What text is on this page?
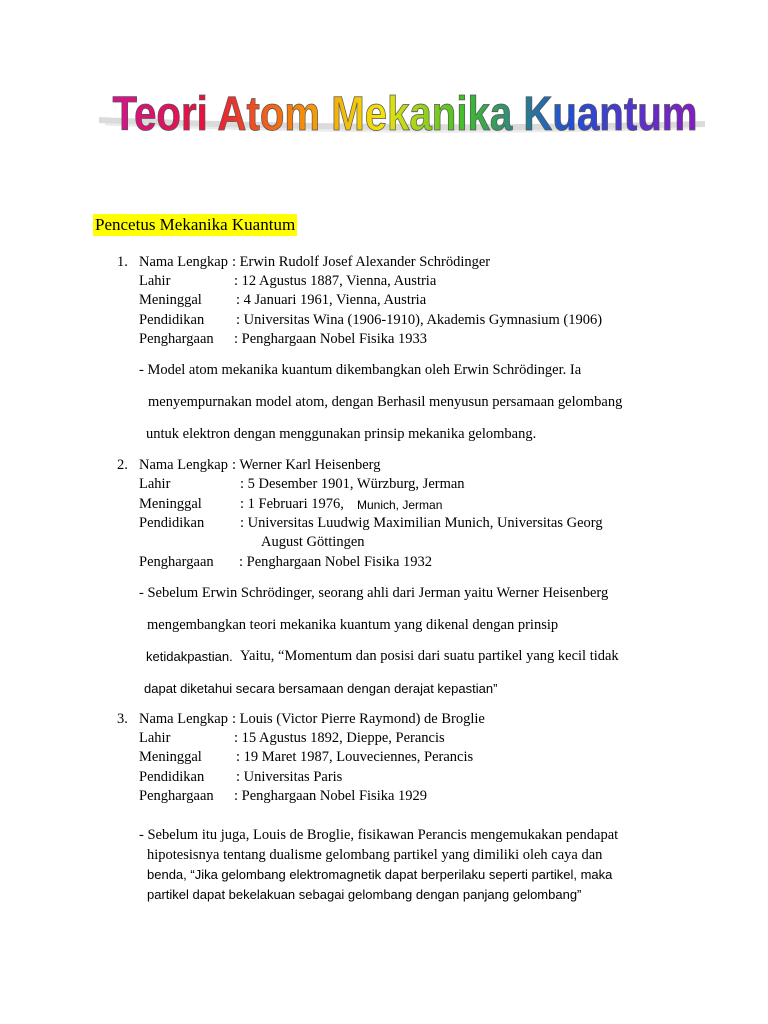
Teori Atom Mekanika Kuantum
Pencetus Mekanika Kuantum
1. Nama Lengkap : Erwin Rudolf Josef Alexander Schrödinger
Lahir	: 12 Agustus 1887, Vienna, Austria
Meninggal : 4 Januari 1961, Vienna, Austria
Pendidikan : Universitas Wina (1906-1910), Akademis Gymnasium (1906)
Penghargaan : Penghargaan Nobel Fisika 1933
- Model atom mekanika kuantum dikembangkan oleh Erwin Schrödinger. Ia
menyempurnakan model atom, dengan Berhasil menyusun persamaan gelombang
untuk elektron dengan menggunakan prinsip mekanika gelombang.
2. Nama Lengkap : Werner Karl Heisenberg
Lahir	: 5 Desember 1901, Würzburg, Jerman
Meninggal	: 1 Februari 1976, Munich, Jerman
Pendidikan : Universitas Luudwig Maximilian Munich, Universitas Georg
August Göttingen
Penghargaan : Penghargaan Nobel Fisika 1932
- Sebelum Erwin Schrödinger, seorang ahli dari Jerman yaitu Werner Heisenberg
mengembangkan teori mekanika kuantum yang dikenal dengan prinsip
ketidakpastian. Yaitu, “Momentum dan posisi dari suatu partikel yang kecil tidak
dapat diketahui secara bersamaan dengan derajat kepastian”
3. Nama Lengkap : Louis (Victor Pierre Raymond) de Broglie
Lahir	: 15 Agustus 1892, Dieppe, Perancis
Meninggal : 19 Maret 1987, Louveciennes, Perancis
Pendidikan : Universitas Paris
Penghargaan : Penghargaan Nobel Fisika 1929
- Sebelum itu juga, Louis de Broglie, fisikawan Perancis mengemukakan pendapat
hipotesisnya tentang dualisme gelombang partikel yang dimiliki oleh caya dan
benda, “Jika gelombang elektromagnetik dapat berperilaku seperti partikel, maka
partikel dapat bekelakuan sebagai gelombang dengan panjang gelombang”
